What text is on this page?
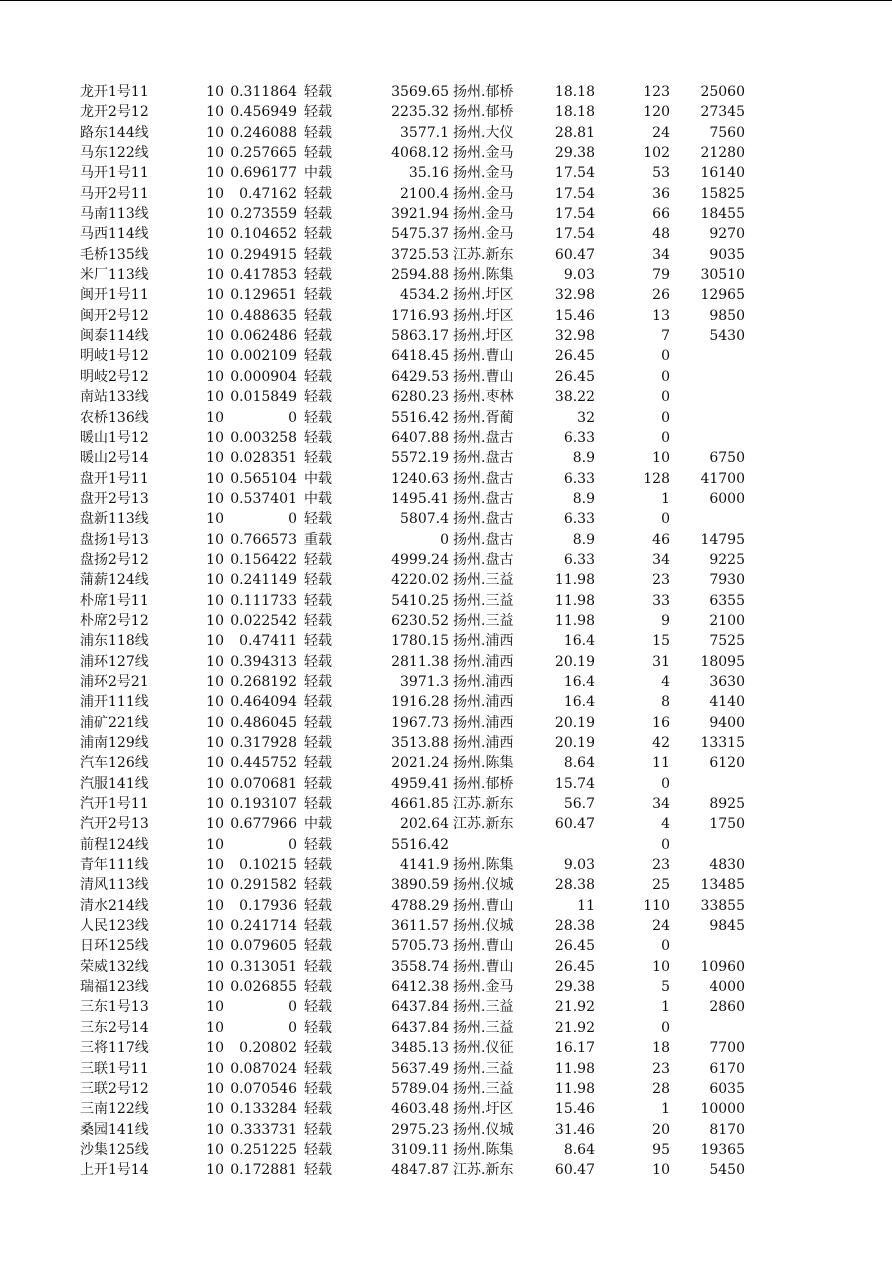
龙开1号11	10 0.311864 轻载	3569.65 扬州.郁桥	18.18	123	25060
龙开2号12	10 0.456949 轻载	2235.32 扬州.郁桥	18.18	120	27345
路东144线	10 0.246088 轻载	3577.1 扬州.大仪	28.81	24	7560
马东122线	10 0.257665 轻载	4068.12 扬州.金马	29.38	102	21280
马开1号11	10 0.696177 中载	35.16 扬州.金马	17.54	53	16140
马开2号11	10	0.47162 轻载	2100.4 扬州.金马	17.54	36	15825
马南113线	10 0.273559 轻载	3921.94 扬州.金马	17.54	66	18455
马西114线	10 0.104652 轻载	5475.37 扬州.金马	17.54	48	9270
毛桥135线	10 0.294915 轻载	3725.53 江苏.新东	60.47	34	9035
米厂113线	10 0.417853 轻载	2594.88 扬州.陈集	9.03	79	30510
闽开1号11	10 0.129651 轻载	4534.2 扬州.圩区	32.98	26	12965
闽开2号12	10 0.488635 轻载	1716.93 扬州.圩区	15.46	13	9850
闽泰114线	10 0.062486 轻载	5863.17 扬州.圩区	32.98	7	5430
明岐1号12	10 0.002109 轻载	6418.45 扬州.曹山	26.45	0
明岐2号12	10 0.000904 轻载	6429.53 扬州.曹山	26.45	0
南站133线	10 0.015849 轻载	6280.23 扬州.枣林	38.22	0
农桥136线	10	0 轻载	5516.42 扬州.胥蔺	32	0
暖山1号12	10 0.003258 轻载	6407.88 扬州.盘古	6.33	0
暖山2号14	10 0.028351 轻载	5572.19 扬州.盘古	8.9	10	6750
盘开1号11	10 0.565104 中载	1240.63 扬州.盘古	6.33	128	41700
盘开2号13	10 0.537401 中载	1495.41 扬州.盘古	8.9	1	6000
盘新113线	10	0 轻载	5807.4 扬州.盘古	6.33	0
盘扬1号13	10 0.766573 重载	0 扬州.盘古	8.9	46	14795
盘扬2号12	10 0.156422 轻载	4999.24 扬州.盘古	6.33	34	9225
蒲薪124线	10 0.241149 轻载	4220.02 扬州.三益	11.98	23	7930
朴席1号11	10 0.111733 轻载	5410.25 扬州.三益	11.98	33	6355
朴席2号12	10 0.022542 轻载	6230.52 扬州.三益	11.98	9	2100
浦东118线	10	0.47411 轻载	1780.15 扬州.浦西	16.4	15	7525
浦环127线	10 0.394313 轻载	2811.38 扬州.浦西	20.19	31	18095
浦环2号21	10 0.268192 轻载	3971.3 扬州.浦西	16.4	4	3630
浦开111线	10 0.464094 轻载	1916.28 扬州.浦西	16.4	8	4140
浦矿221线	10 0.486045 轻载	1967.73 扬州.浦西	20.19	16	9400
浦南129线	10 0.317928 轻载	3513.88 扬州.浦西	20.19	42	13315
汽车126线	10 0.445752 轻载	2021.24 扬州.陈集	8.64	11	6120
汽服141线	10 0.070681 轻载	4959.41 扬州.郁桥	15.74	0
汽开1号11	10 0.193107 轻载	4661.85 江苏.新东	56.7	34	8925
汽开2号13	10 0.677966 中载	202.64 江苏.新东	60.47	4	1750
前程124线	10	0 轻载	5516.42	0
青年111线	10	0.10215 轻载	4141.9 扬州.陈集	9.03	23	4830
清风113线	10 0.291582 轻载	3890.59 扬州.仪城	28.38	25	13485
清水214线	10	0.17936 轻载	4788.29 扬州.曹山	11	110	33855
人民123线	10 0.241714 轻载	3611.57 扬州.仪城	28.38	24	9845
日环125线	10 0.079605 轻载	5705.73 扬州.曹山	26.45	0
荣威132线	10 0.313051 轻载	3558.74 扬州.曹山	26.45	10	10960
瑞福123线	10 0.026855 轻载	6412.38 扬州.金马	29.38	5	4000
三东1号13	10	0 轻载	6437.84 扬州.三益	21.92	1	2860
三东2号14	10	0 轻载	6437.84 扬州.三益	21.92	0
三将117线	10	0.20802 轻载	3485.13 扬州.仪征	16.17	18	7700
三联1号11	10 0.087024 轻载	5637.49 扬州.三益	11.98	23	6170
三联2号12	10 0.070546 轻载	5789.04 扬州.三益	11.98	28	6035
三南122线	10 0.133284 轻载	4603.48 扬州.圩区	15.46	1	10000
桑园141线	10 0.333731 轻载	2975.23 扬州.仪城	31.46	20	8170
沙集125线	10 0.251225 轻载	3109.11 扬州.陈集	8.64	95	19365
上开1号14	10 0.172881 轻载	4847.87 江苏.新东	60.47	10	5450
